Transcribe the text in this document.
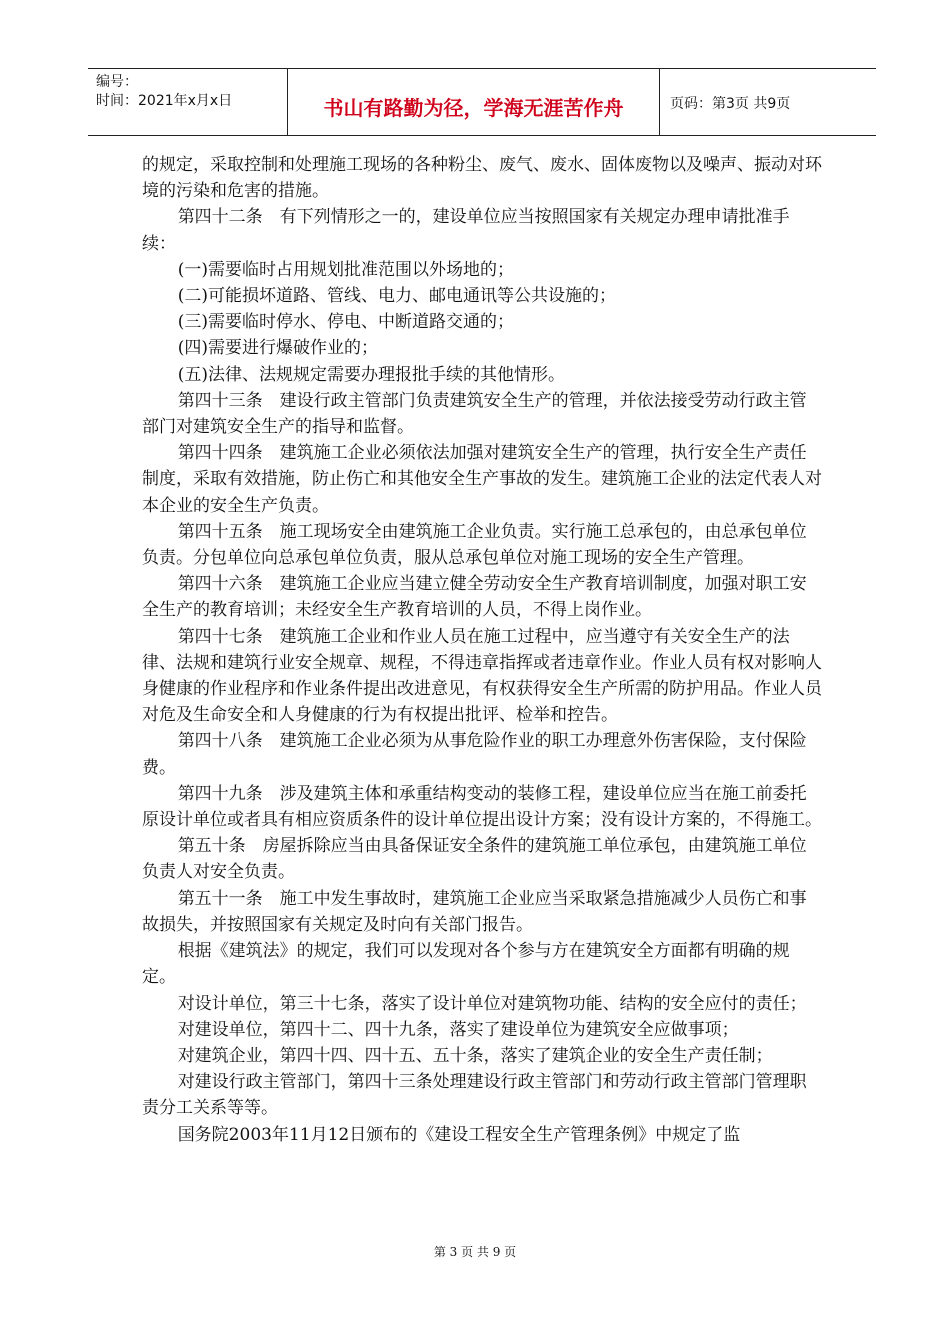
编号：
时间：2021年x月x日	书山有路勤为径，学海无涯苦作舟	页码：第3页 共9页

的规定，采取控制和处理施工现场的各种粉尘、废气、废水、固体废物以及噪声、振动对环境的污染和危害的措施。

第四十二条　有下列情形之一的，建设单位应当按照国家有关规定办理申请批准手续：

(一)需要临时占用规划批准范围以外场地的；

(二)可能损坏道路、管线、电力、邮电通讯等公共设施的；

(三)需要临时停水、停电、中断道路交通的；

(四)需要进行爆破作业的；

(五)法律、法规规定需要办理报批手续的其他情形。

第四十三条　建设行政主管部门负责建筑安全生产的管理，并依法接受劳动行政主管部门对建筑安全生产的指导和监督。

第四十四条　建筑施工企业必须依法加强对建筑安全生产的管理，执行安全生产责任制度，采取有效措施，防止伤亡和其他安全生产事故的发生。建筑施工企业的法定代表人对本企业的安全生产负责。

第四十五条　施工现场安全由建筑施工企业负责。实行施工总承包的，由总承包单位负责。分包单位向总承包单位负责，服从总承包单位对施工现场的安全生产管理。

第四十六条　建筑施工企业应当建立健全劳动安全生产教育培训制度，加强对职工安全生产的教育培训；未经安全生产教育培训的人员，不得上岗作业。

第四十七条　建筑施工企业和作业人员在施工过程中，应当遵守有关安全生产的法律、法规和建筑行业安全规章、规程，不得违章指挥或者违章作业。作业人员有权对影响人身健康的作业程序和作业条件提出改进意见，有权获得安全生产所需的防护用品。作业人员对危及生命安全和人身健康的行为有权提出批评、检举和控告。

第四十八条　建筑施工企业必须为从事危险作业的职工办理意外伤害保险，支付保险费。

第四十九条　涉及建筑主体和承重结构变动的装修工程，建设单位应当在施工前委托原设计单位或者具有相应资质条件的设计单位提出设计方案；没有设计方案的，不得施工。

第五十条　房屋拆除应当由具备保证安全条件的建筑施工单位承包，由建筑施工单位负责人对安全负责。

第五十一条　施工中发生事故时，建筑施工企业应当采取紧急措施减少人员伤亡和事故损失，并按照国家有关规定及时向有关部门报告。

根据《建筑法》的规定，我们可以发现对各个参与方在建筑安全方面都有明确的规定。

对设计单位，第三十七条，落实了设计单位对建筑物功能、结构的安全应付的责任；

对建设单位，第四十二、四十九条，落实了建设单位为建筑安全应做事项；

对建筑企业，第四十四、四十五、五十条，落实了建筑企业的安全生产责任制；

对建设行政主管部门，第四十三条处理建设行政主管部门和劳动行政主管部门管理职责分工关系等等。

国务院2003年11月12日颁布的《建设工程安全生产管理条例》中规定了监

第 3 页 共 9 页
